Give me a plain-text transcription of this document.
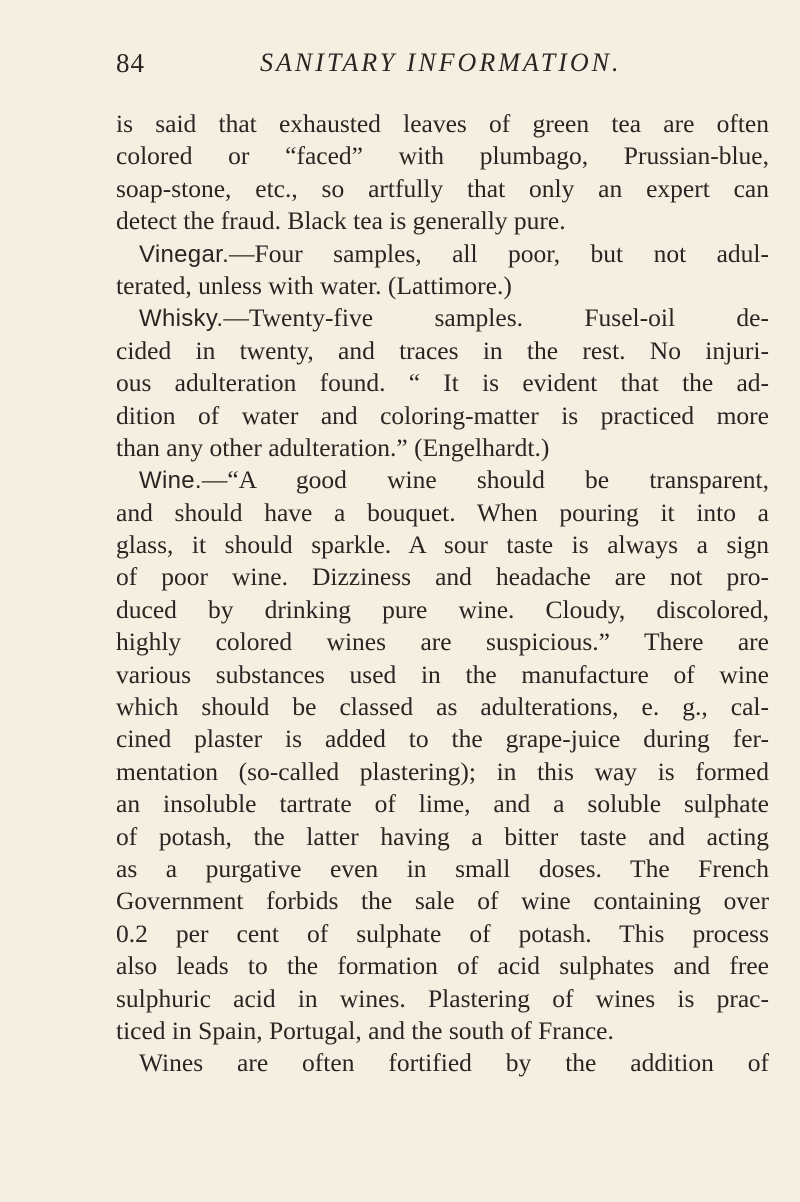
84	SANITARY INFORMATION.
is said that exhausted leaves of green tea are often
colored or “faced” with plumbago, Prussian-blue,
soap-stone, etc., so artfully that only an expert can
detect the fraud. Black tea is generally pure.
Vinegar.—Four samples, all poor, but not adul-
terated, unless with water. (Lattimore.)
Whisky.—Twenty-five samples. Fusel-oil de-
cided in twenty, and traces in the rest. No injuri-
ous adulteration found. “ It is evident that the ad-
dition of water and coloring-matter is practiced more
than any other adulteration.” (Engelhardt.)
Wine.—“A good wine should be transparent,
and should have a bouquet. When pouring it into a
glass, it should sparkle. A sour taste is always a sign
of poor wine. Dizziness and headache are not pro-
duced by drinking pure wine. Cloudy, discolored,
highly colored wines are suspicious.” There are
various substances used in the manufacture of wine
which should be classed as adulterations, e. g., cal-
cined plaster is added to the grape-juice during fer-
mentation (so-called plastering); in this way is formed
an insoluble tartrate of lime, and a soluble sulphate
of potash, the latter having a bitter taste and acting
as a purgative even in small doses. The French
Government forbids the sale of wine containing over
0.2 per cent of sulphate of potash. This process
also leads to the formation of acid sulphates and free
sulphuric acid in wines. Plastering of wines is prac-
ticed in Spain, Portugal, and the south of France.
Wines are often fortified by the addition of
